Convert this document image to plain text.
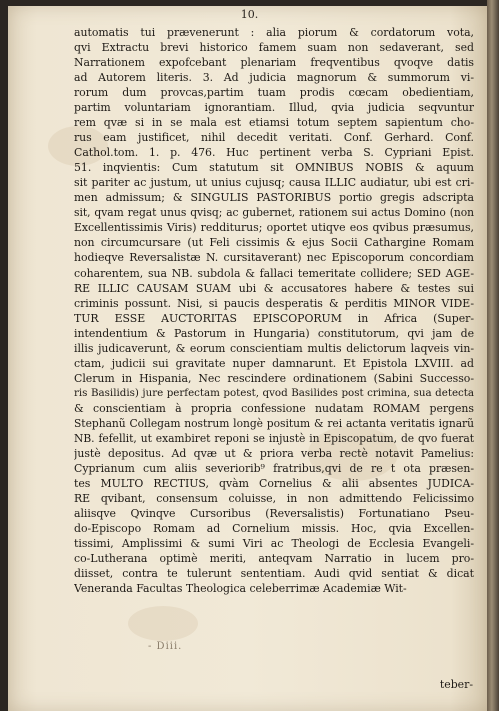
10.
automatis tui prævenerunt : alia piorum & cordatorum vota,
qvi Extractu brevi historico famem suam non sedaverant, sed
Narrationem expofcebant plenariam freqventibus qvoqve datis
ad Autorem literis. 3. Ad judicia magnorum & summorum vi-
rorum dum provcas,partim tuam prodis cœcam obedientiam,
partim voluntariam ignorantiam. Illud, qvia judicia seqvuntur
rem qvæ si in se mala est etiamsi totum septem sapientum cho-
rus eam justificet, nihil decedit veritati. Conf. Gerhard. Conf.
Cathol.tom. 1. p. 476. Huc pertinent verba S. Cypriani Epist.
51. inqvientis: Cum statutum sit OMNIBUS NOBIS & aquum
sit pariter ac justum, ut unius cujusq; causa ILLIC audiatur, ubi est cri-
men admissum; & SINGULIS PASTORIBUS portio gregis adscripta
sit, qvam regat unus qvisq; ac gubernet, rationem sui actus Domino (non
Excellentissimis Viris) redditurus; oportet utiqve eos qvibus præsumus,
non circumcursare (ut Feli cissimis & ejus Socii Cathargine Romam
hodieqve Reversalistæ N. cursitaverant) nec Episcoporum concordiam
coharentem, sua NB. subdola & fallaci temeritate collidere; SED AGE-
RE ILLIC CAUSAM SUAM ubi & accusatores habere & testes sui
criminis possunt. Nisi, si paucis desperatis & perditis MINOR VIDE-
TUR ESSE AUCTORITAS EPISCOPORUM in Africa (Super-
intendentium & Pastorum in Hungaria) constitutorum, qvi jam de
illis judicaverunt, & eorum conscientiam multis delictorum laqveis vin-
ctam, judicii sui gravitate nuper damnarunt. Et Epistola LXVIII. ad
Clerum in Hispania, Nec rescindere ordinationem (Sabini Successo-
ris Basilidis) jure perfectam potest, qvod Basilides post crimina, sua detecta
& conscientiam à propria confessione nudatam ROMAM pergens
Stephanũ Collegam nostrum longè positum & rei actanta veritatis ignarũ
NB. fefellit, ut exambiret reponi se injustè in Episcopatum, de qvo fuerat
justè depositus. Ad qvæ ut & priora verba rectè notavit Pamelius:
Cyprianum cum aliis severiorib⁹ fratribus,qvi de re t ota præsen-
tes MULTO RECTIUS, qvàm Cornelius & alii absentes JUDICA-
RE qvibant, consensum coluisse, in non admittendo Felicissimo
aliisqve Qvinqve Cursoribus (Reversalistis) Fortunatiano Pseu-
do-Episcopo Romam ad Cornelium missis. Hoc, qvia Excellen-
tissimi, Amplissimi & sumi Viri ac Theologi de Ecclesia Evangeli-
co-Lutherana optimè meriti, anteqvam Narratio in lucem pro-
diisset, contra te tulerunt sententiam. Audi qvid sentiat & dicat
Veneranda Facultas Theologica celeberrimæ Academiæ Wit-
- Diii.
teber-
